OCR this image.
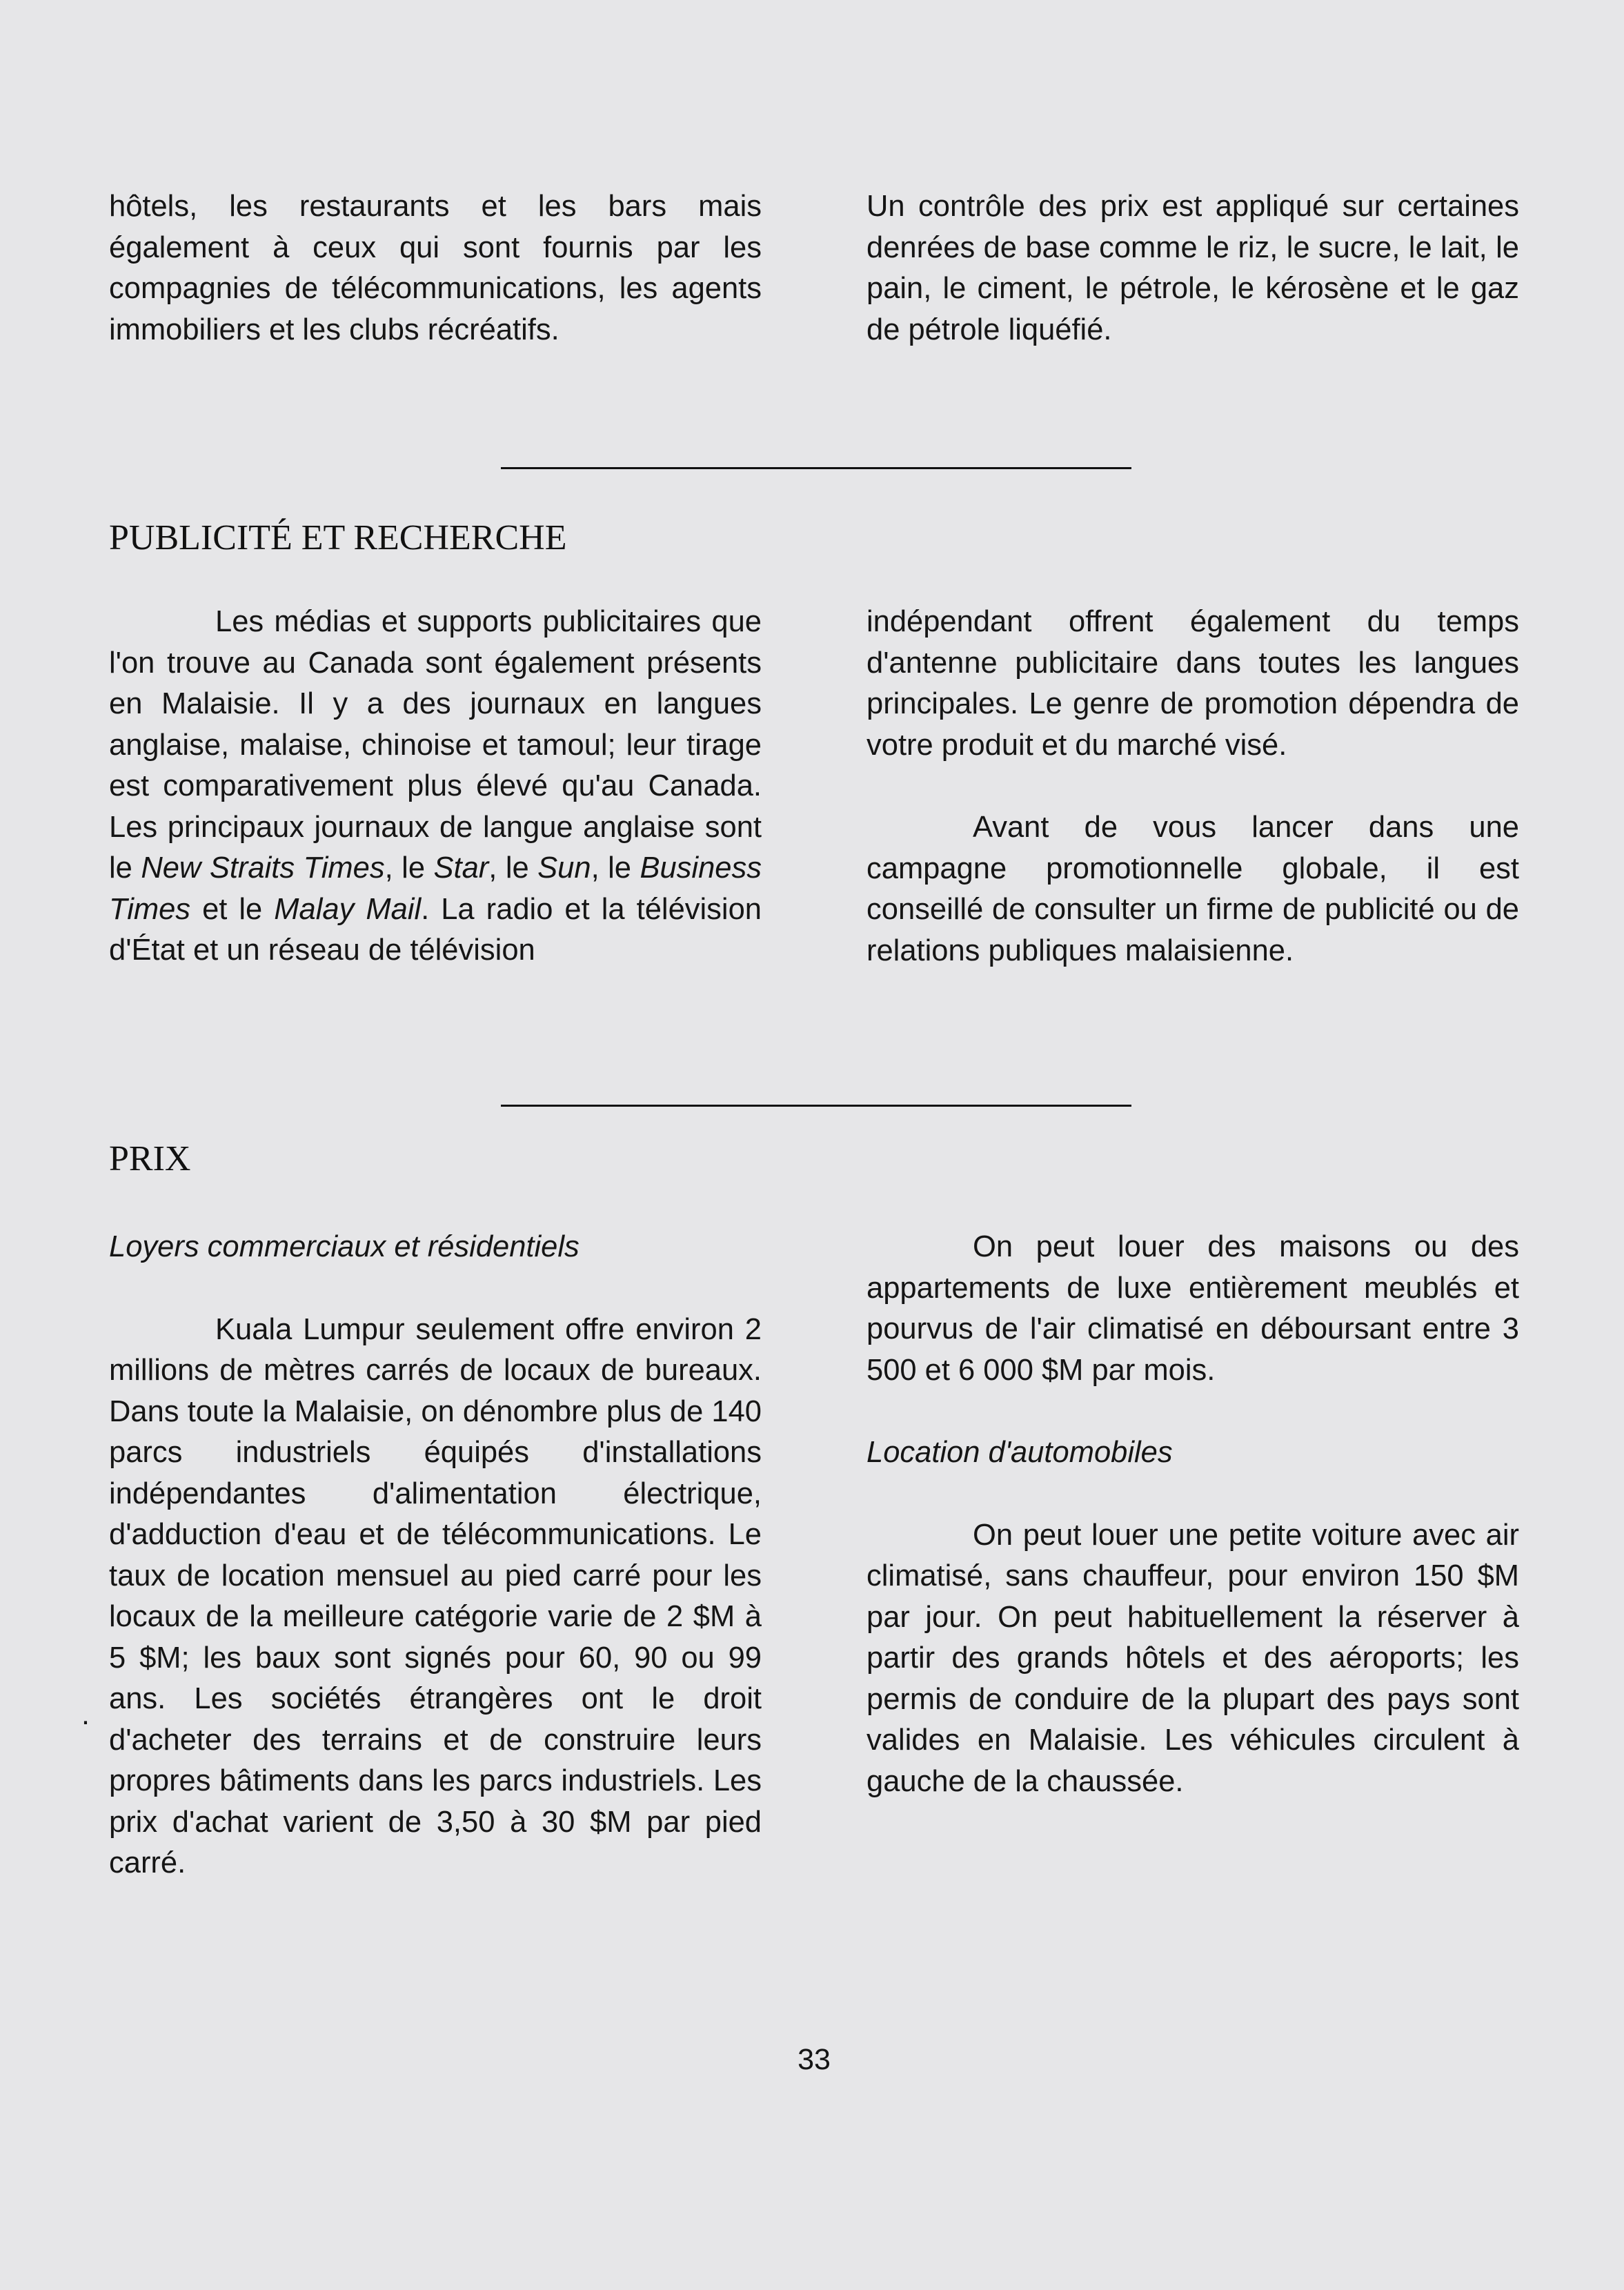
hôtels, les restaurants et les bars mais également à ceux qui sont fournis par les compagnies de télécommunications, les agents immobiliers et les clubs récréatifs.

Un contrôle des prix est appliqué sur certaines denrées de base comme le riz, le sucre, le lait, le pain, le ciment, le pétrole, le kérosène et le gaz de pétrole liquéfié.

PUBLICITÉ ET RECHERCHE

Les médias et supports publicitaires que l'on trouve au Canada sont également présents en Malaisie. Il y a des journaux en langues anglaise, malaise, chinoise et tamoul; leur tirage est comparativement plus élevé qu'au Canada. Les principaux journaux de langue anglaise sont le New Straits Times, le Star, le Sun, le Business Times et le Malay Mail. La radio et la télévision d'État et un réseau de télévision

indépendant offrent également du temps d'antenne publicitaire dans toutes les langues principales. Le genre de promotion dépendra de votre produit et du marché visé.

Avant de vous lancer dans une campagne promotionnelle globale, il est conseillé de consulter un firme de publicité ou de relations publiques malaisienne.

PRIX
Loyers commerciaux et résidentiels

Kuala Lumpur seulement offre environ 2 millions de mètres carrés de locaux de bureaux. Dans toute la Malaisie, on dénombre plus de 140 parcs industriels équipés d'installations indépendantes d'alimentation électrique, d'adduction d'eau et de télécommunications. Le taux de location mensuel au pied carré pour les locaux de la meilleure catégorie varie de 2 $M à 5 $M; les baux sont signés pour 60, 90 ou 99 ans. Les sociétés étrangères ont le droit d'acheter des terrains et de construire leurs propres bâtiments dans les parcs industriels. Les prix d'achat varient de 3,50 à 30 $M par pied carré.

On peut louer des maisons ou des appartements de luxe entièrement meublés et pourvus de l'air climatisé en déboursant entre 3 500 et 6 000 $M par mois.

Location d'automobiles

On peut louer une petite voiture avec air climatisé, sans chauffeur, pour environ 150 $M par jour. On peut habituellement la réserver à partir des grands hôtels et des aéroports; les permis de conduire de la plupart des pays sont valides en Malaisie. Les véhicules circulent à gauche de la chaussée.

.
33
